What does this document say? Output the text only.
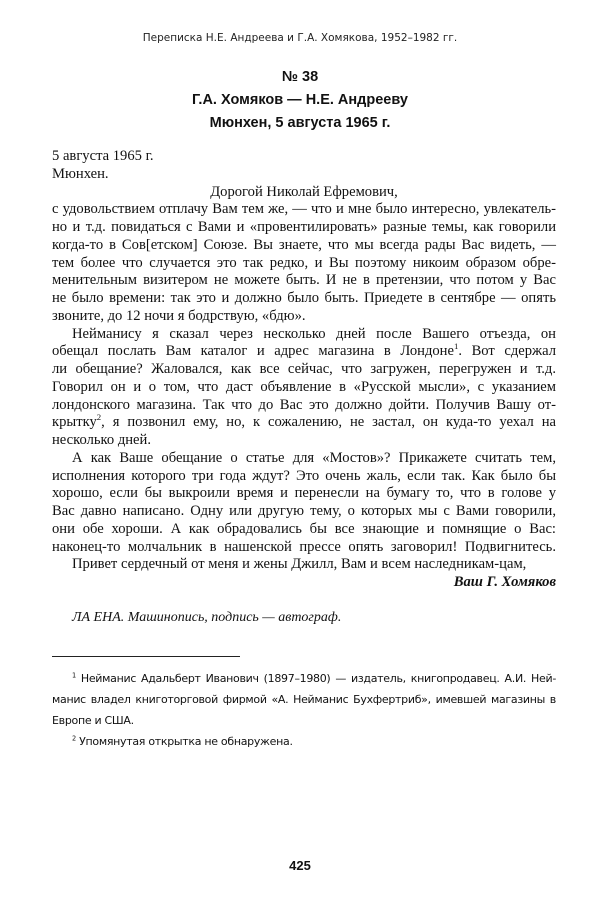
Переписка Н.Е. Андреева и Г.А. Хомякова, 1952–1982 гг.
№ 38
Г.А. Хомяков — Н.Е. Андрееву
Мюнхен, 5 августа 1965 г.
5 августа 1965 г.
Мюнхен.
Дорогой Николай Ефремович,
с удовольствием отплачу Вам тем же, — что и мне было интересно, увлекатель-
но и т.д. повидаться с Вами и «провентилировать» разные темы, как говорили
когда-то в Сов[етском] Союзе. Вы знаете, что мы всегда рады Вас видеть, —
тем более что случается это так редко, и Вы поэтому никоим образом обре-
менительным визитером не можете быть. И не в претензии, что потом у Вас
не было времени: так это и должно было быть. Приедете в сентябре — опять
звоните, до 12 ночи я бодрствую, «бдю».
Нейманису я сказал через несколько дней после Вашего отъезда, он
обещал послать Вам каталог и адрес магазина в Лондоне$^1$. Вот сдержал
ли обещание? Жаловался, как все сейчас, что загружен, перегружен и т.д.
Говорил он и о том, что даст объявление в «Русской мысли», с указанием
лондонского магазина. Так что до Вас это должно дойти. Получив Вашу от-
крытку$^2$, я позвонил ему, но, к сожалению, не застал, он куда-то уехал на
несколько дней.
А как Ваше обещание о статье для «Мостов»? Прикажете считать тем,
исполнения которого три года ждут? Это очень жаль, если так. Как было бы
хорошо, если бы выкроили время и перенесли на бумагу то, что в голове у
Вас давно написано. Одну или другую тему, о которых мы с Вами говорили,
они обе хороши. А как обрадовались бы все знающие и помнящие о Вас:
наконец-то молчальник в нашенской прессе опять заговорил! Подвигнитесь.
Привет сердечный от меня и жены Джилл, Вам и всем наследникам-цам,
Ваш Г. Хомяков
ЛА ЕНА. Машинопись, подпись — автограф.
$^1$ Нейманис Адальберт Иванович (1897–1980) — издатель, книгопродавец. А.И. Ней-
манис владел книготорговой фирмой «А. Нейманис Бухфертриб», имевшей магазины в
Европе и США.
$^2$ Упомянутая открытка не обнаружена.
425
